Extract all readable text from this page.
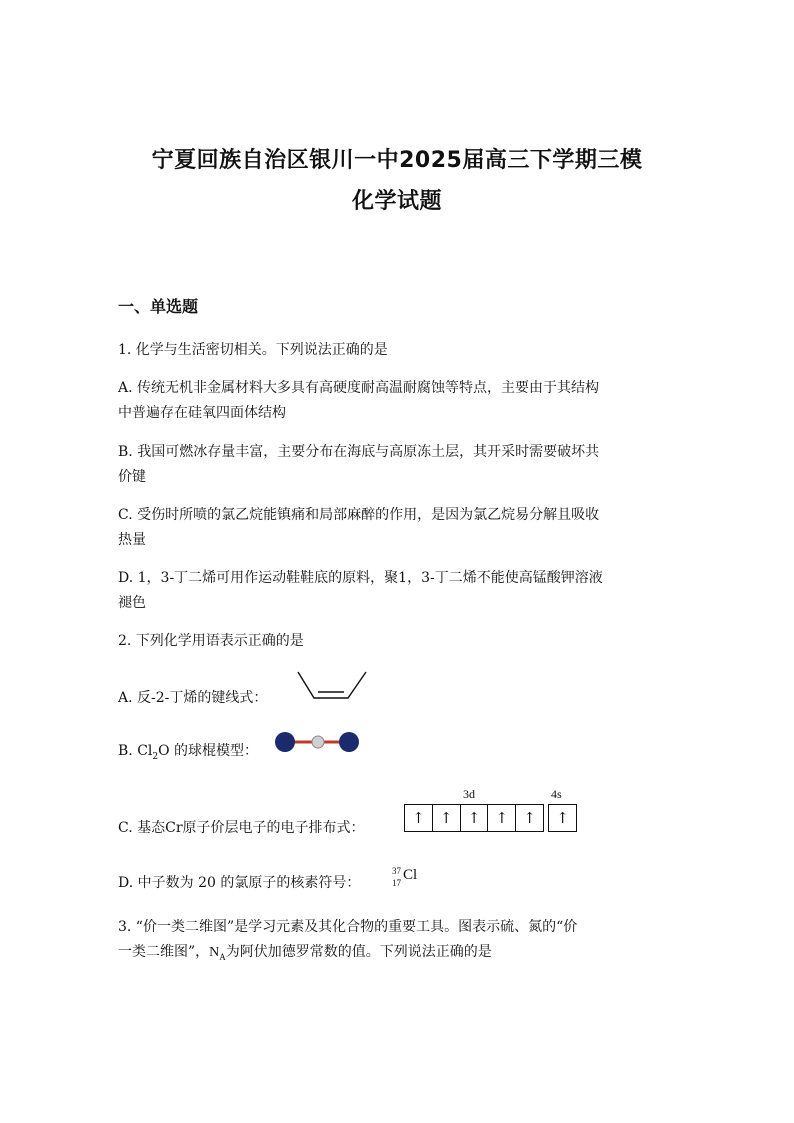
宁夏回族自治区银川一中2025届高三下学期三模
化学试题
一、单选题
1. 化学与生活密切相关。下列说法正确的是
A. 传统无机非金属材料大多具有高硬度耐高温耐腐蚀等特点，主要由于其结构
中普遍存在硅氧四面体结构
B. 我国可燃冰存量丰富，主要分布在海底与高原冻土层，其开采时需要破坏共
价键
C. 受伤时所喷的氯乙烷能镇痛和局部麻醉的作用，是因为氯乙烷易分解且吸收
热量
D. 1，3-丁二烯可用作运动鞋鞋底的原料，聚1，3-丁二烯不能使高锰酸钾溶液
褪色
2. 下列化学用语表示正确的是
A. 反-2-丁烯的键线式：
B. $Cl_2O$ 的球棍模型：
3d	4s
C. 基态Cr原子价层电子的电子排布式：
↑	↑	↑	↑	↑	↑
D. 中子数为 20 的氯原子的核素符号：
37
17 Cl
3. “价一类二维图”是学习元素及其化合物的重要工具。图表示硫、氮的“价
一类二维图”，$N_A$为阿伏加德罗常数的值。下列说法正确的是
